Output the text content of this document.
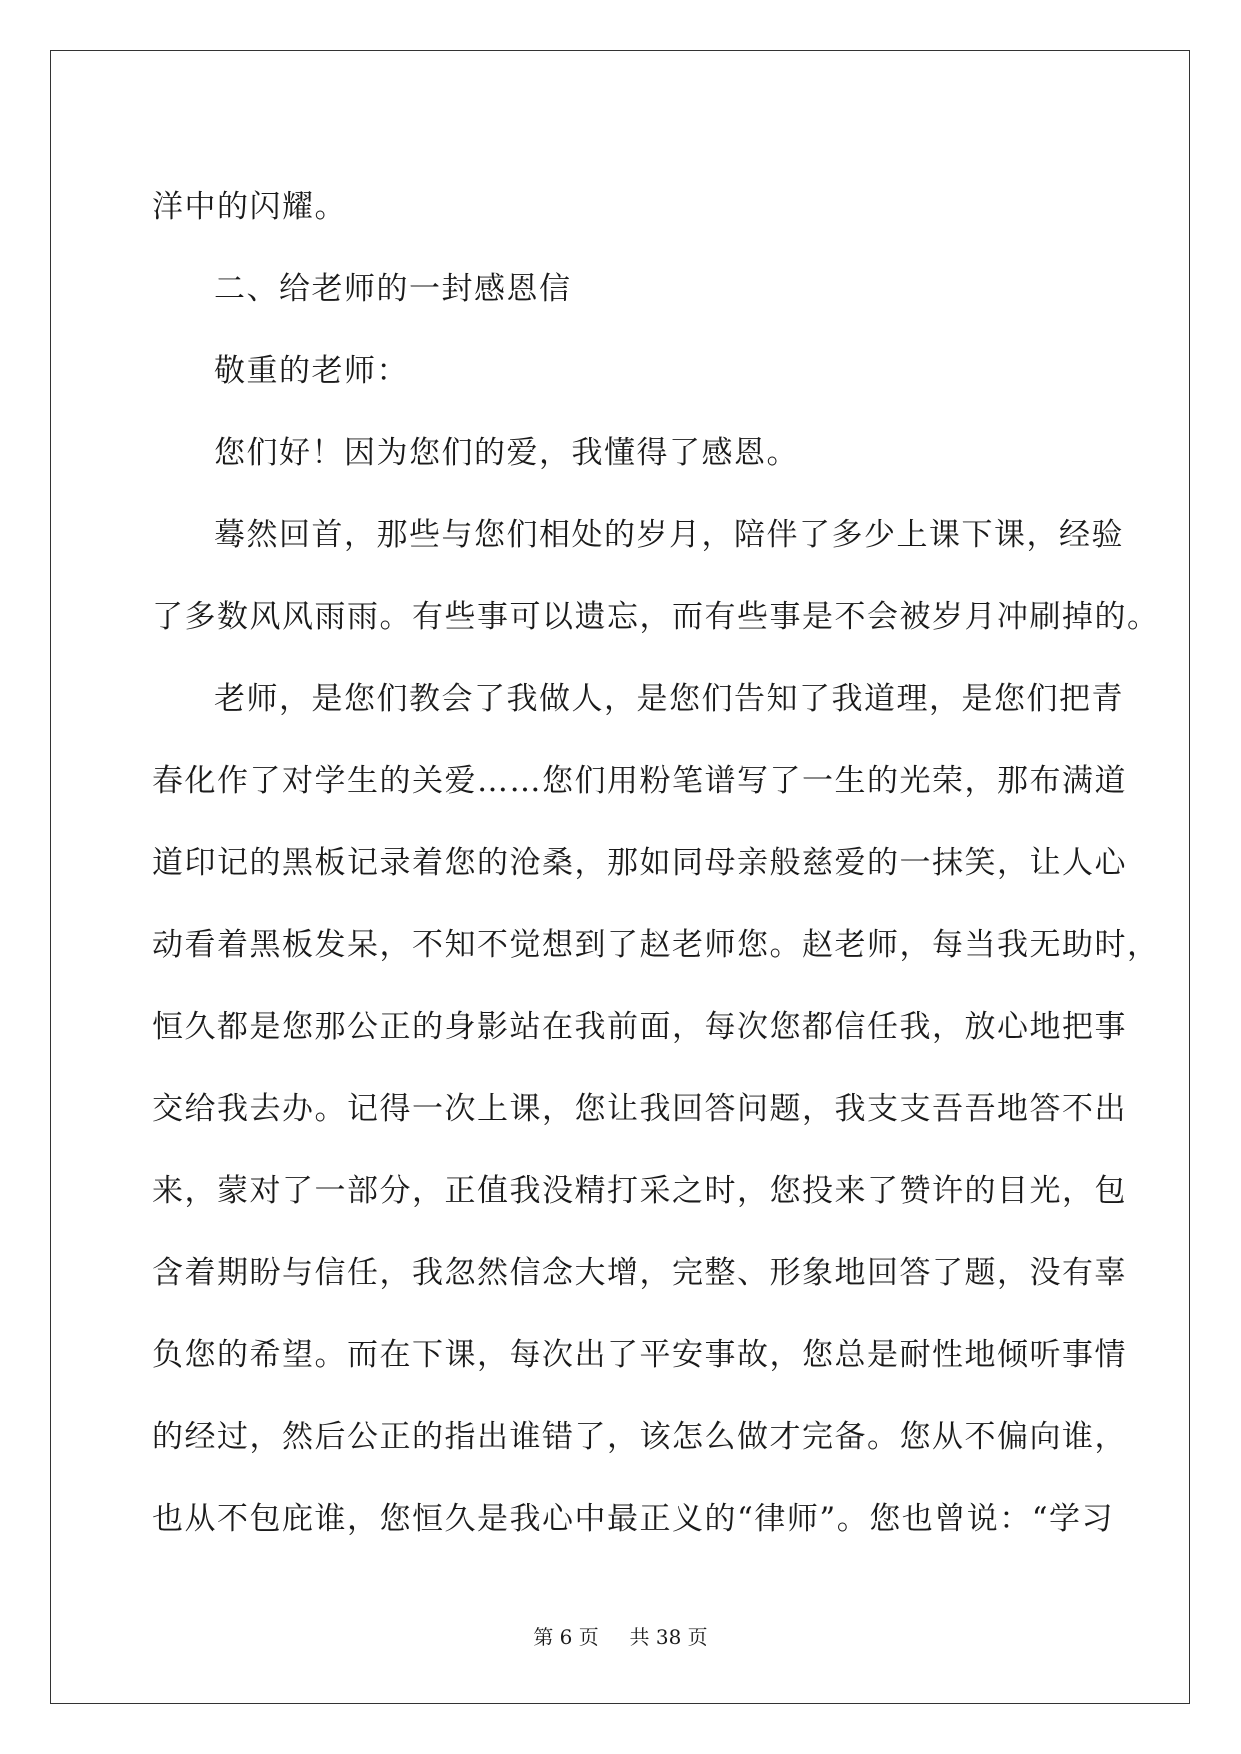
洋中的闪耀。
二、给老师的一封感恩信
敬重的老师：
您们好！因为您们的爱，我懂得了感恩。
蓦然回首，那些与您们相处的岁月，陪伴了多少上课下课，经验
了多数风风雨雨。有些事可以遗忘，而有些事是不会被岁月冲刷掉的。
老师，是您们教会了我做人，是您们告知了我道理，是您们把青
春化作了对学生的关爱……您们用粉笔谱写了一生的光荣，那布满道
道印记的黑板记录着您的沧桑，那如同母亲般慈爱的一抹笑，让人心
动看着黑板发呆，不知不觉想到了赵老师您。赵老师，每当我无助时，
恒久都是您那公正的身影站在我前面，每次您都信任我，放心地把事
交给我去办。记得一次上课，您让我回答问题，我支支吾吾地答不出
来，蒙对了一部分，正值我没精打采之时，您投来了赞许的目光，包
含着期盼与信任，我忽然信念大增，完整、形象地回答了题，没有辜
负您的希望。而在下课，每次出了平安事故，您总是耐性地倾听事情
的经过，然后公正的指出谁错了，该怎么做才完备。您从不偏向谁，
也从不包庇谁，您恒久是我心中最正义的“律师”。您也曾说：“学习
第 6 页 共 38 页
